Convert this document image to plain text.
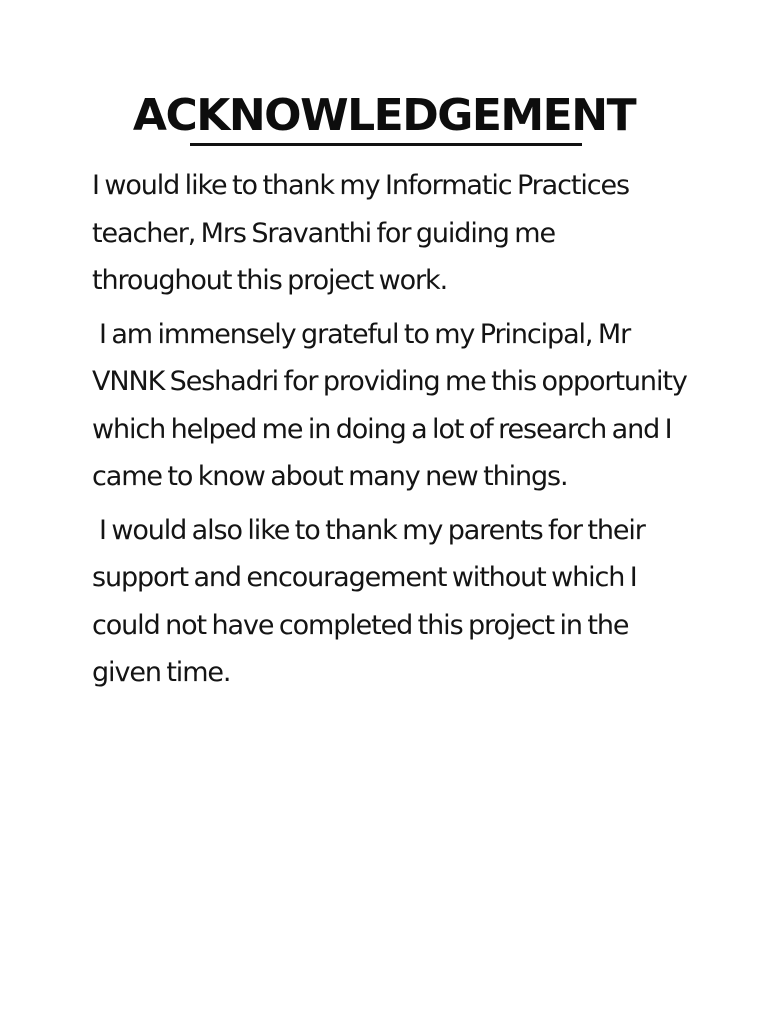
ACKNOWLEDGEMENT

I would like to thank my Informatic Practices teacher, Mrs Sravanthi for guiding me throughout this project work.

I am immensely grateful to my Principal, Mr VNNK Seshadri for providing me this opportunity which helped me in doing a lot of research and I came to know about many new things.

I would also like to thank my parents for their support and encouragement without which I could not have completed this project in the given time.
